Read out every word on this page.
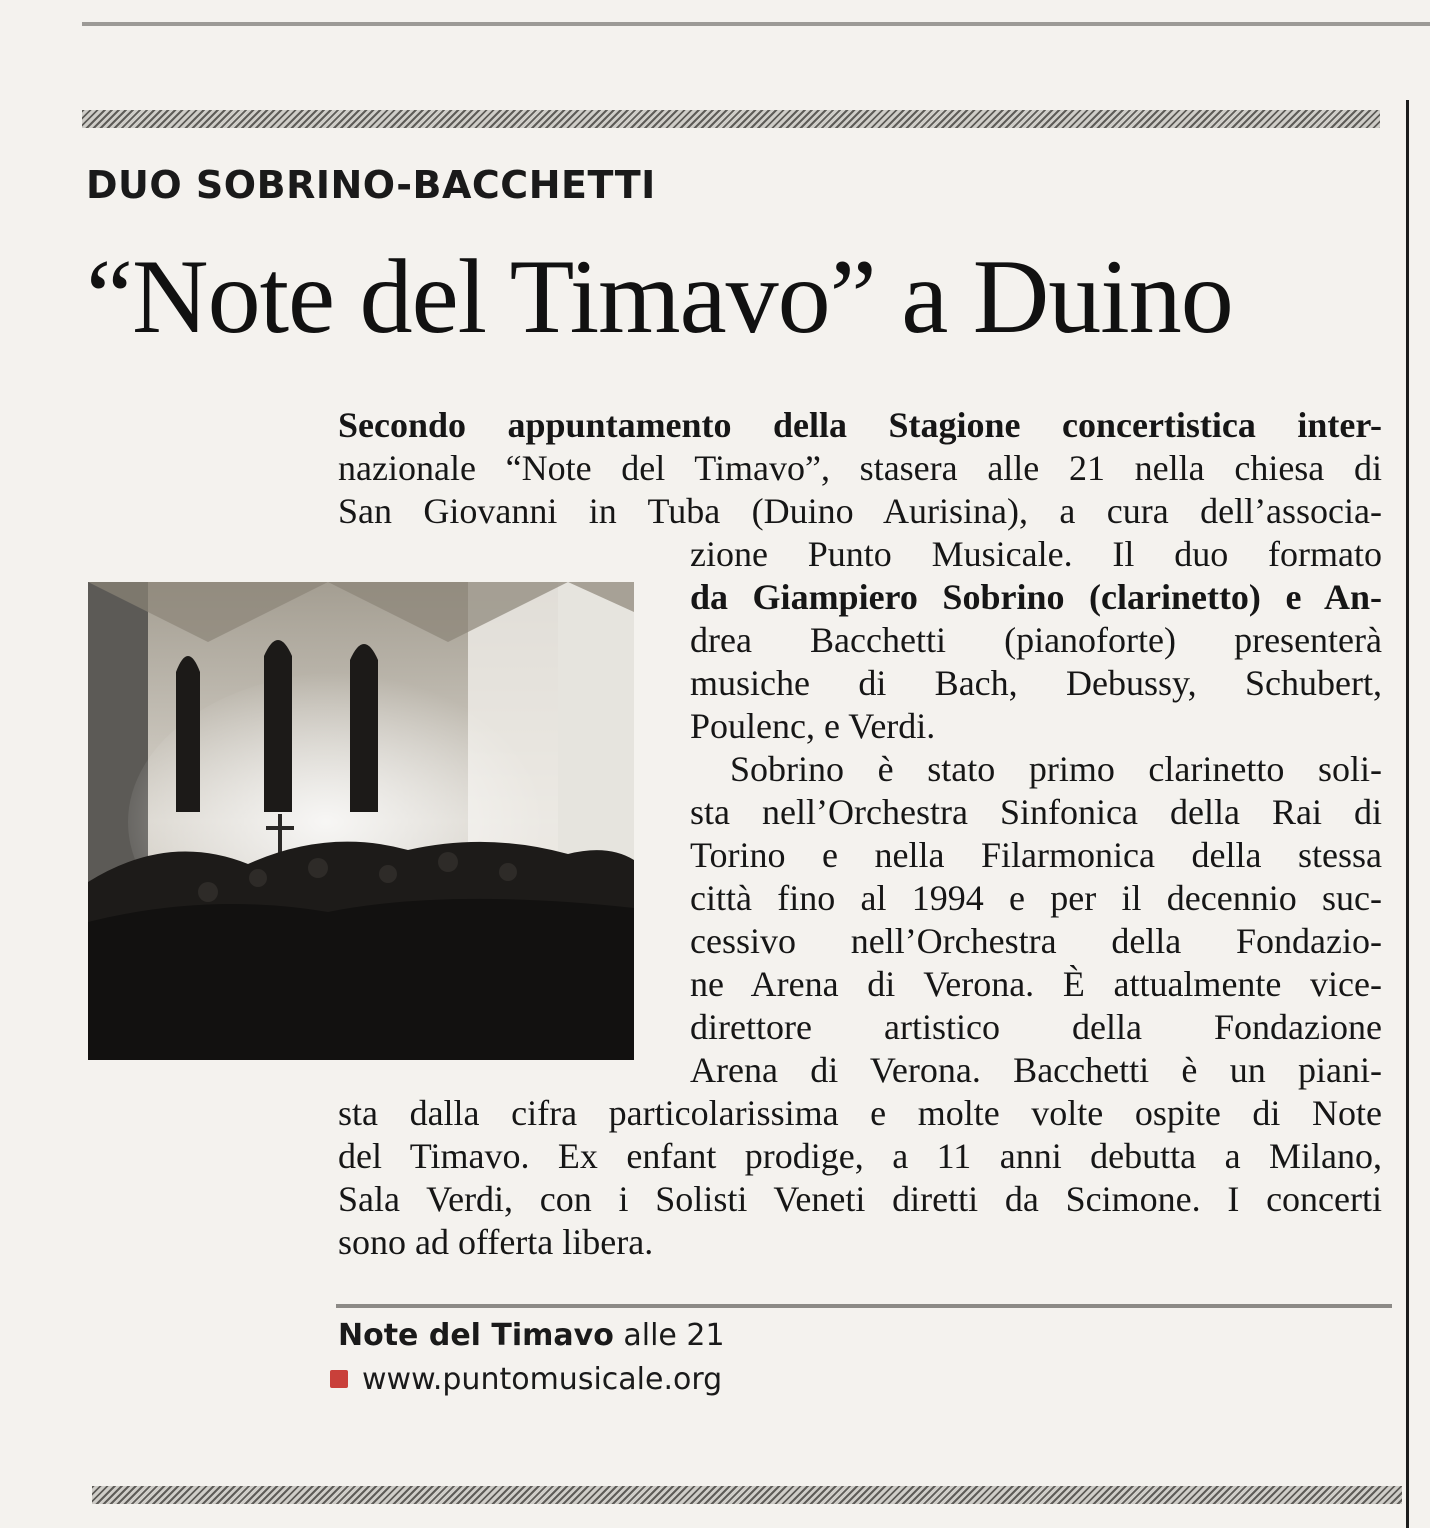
DUO SOBRINO-BACCHETTI
“Note del Timavo” a Duino
Secondo appuntamento della Stagione concertistica inter-
nazionale “Note del Timavo”, stasera alle 21 nella chiesa di
San Giovanni in Tuba (Duino Aurisina), a cura dell’associa-
zione Punto Musicale. Il duo formato
da Giampiero Sobrino (clarinetto) e An-
drea Bacchetti (pianoforte) presenterà
musiche di Bach, Debussy, Schubert,
Poulenc, e Verdi.
Sobrino è stato primo clarinetto soli-
sta nell’Orchestra Sinfonica della Rai di
Torino e nella Filarmonica della stessa
città fino al 1994 e per il decennio suc-
cessivo nell’Orchestra della Fondazio-
ne Arena di Verona. È attualmente vice-
direttore artistico della Fondazione
Arena di Verona. Bacchetti è un piani-
sta dalla cifra particolarissima e molte volte ospite di Note
del Timavo. Ex enfant prodige, a 11 anni debutta a Milano,
Sala Verdi, con i Solisti Veneti diretti da Scimone. I concerti
sono ad offerta libera.

Note del Timavo alle 21

www.puntomusicale.org
